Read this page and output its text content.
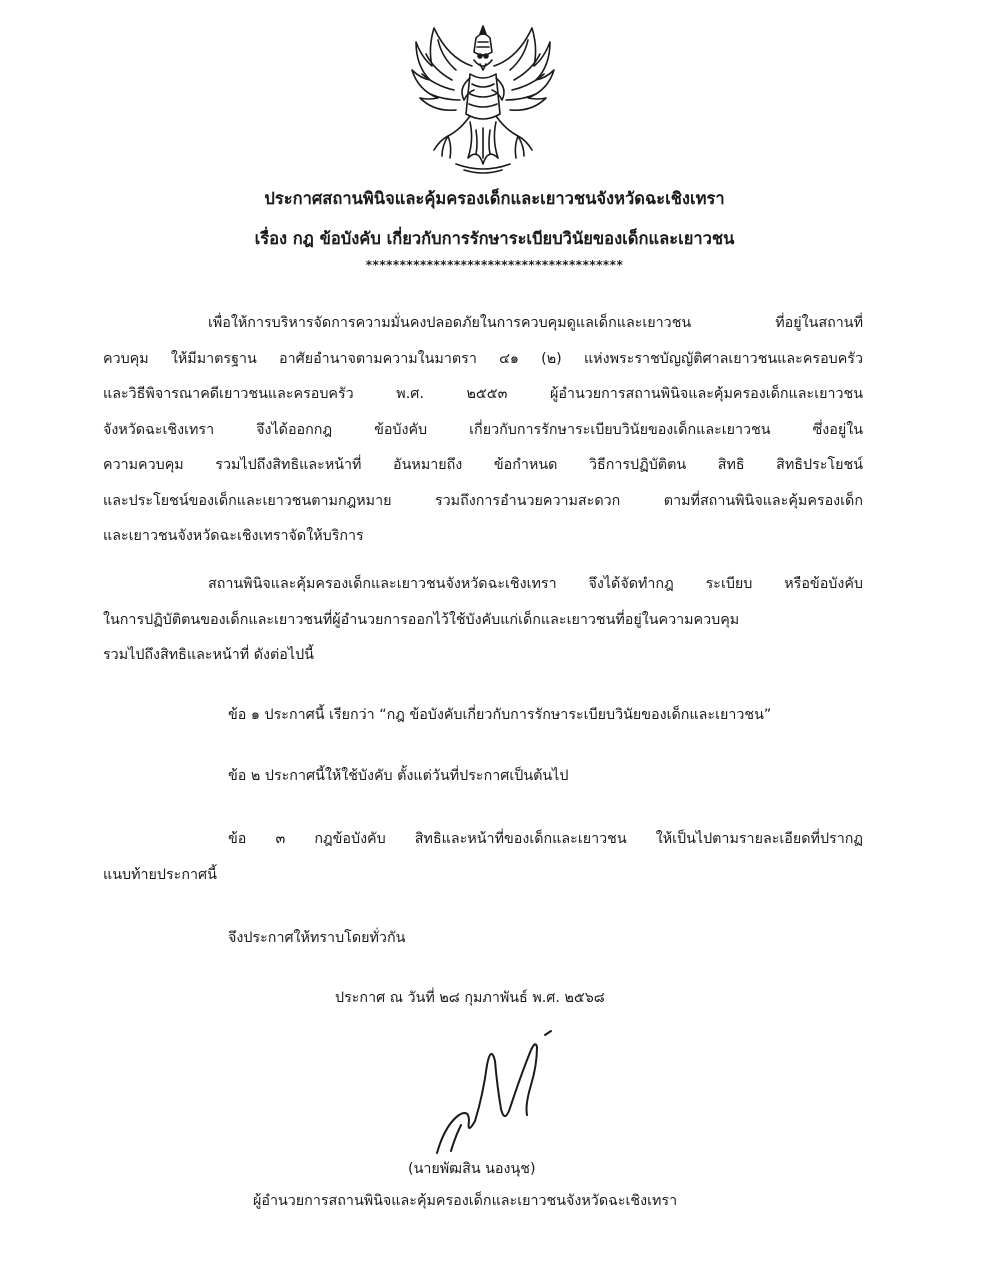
ประกาศสถานพินิจและคุ้มครองเด็กและเยาวชนจังหวัดฉะเชิงเทรา
เรื่อง กฎ ข้อบังคับ เกี่ยวกับการรักษาระเบียบวินัยของเด็กและเยาวชน
**************************************
เพื่อให้การบริหารจัดการความมั่นคงปลอดภัยในการควบคุมดูแลเด็กและเยาวชน ที่อยู่ในสถานที่
ควบคุม ให้มีมาตรฐาน อาศัยอำนาจตามความในมาตรา ๔๑ (๒) แห่งพระราชบัญญัติศาลเยาวชนและครอบครัว
และวิธีพิจารณาคดีเยาวชนและครอบครัว พ.ศ. ๒๕๕๓ ผู้อำนวยการสถานพินิจและคุ้มครองเด็กและเยาวชน
จังหวัดฉะเชิงเทรา จึงได้ออกกฎ ข้อบังคับ เกี่ยวกับการรักษาระเบียบวินัยของเด็กและเยาวชน ซึ่งอยู่ใน
ความควบคุม รวมไปถึงสิทธิและหน้าที่ อันหมายถึง ข้อกำหนด วิธีการปฏิบัติตน สิทธิ สิทธิประโยชน์
และประโยชน์ของเด็กและเยาวชนตามกฎหมาย รวมถึงการอำนวยความสะดวก ตามที่สถานพินิจและคุ้มครองเด็ก
และเยาวชนจังหวัดฉะเชิงเทราจัดให้บริการ
สถานพินิจและคุ้มครองเด็กและเยาวชนจังหวัดฉะเชิงเทรา จึงได้จัดทำกฎ ระเบียบ หรือข้อบังคับ
ในการปฏิบัติตนของเด็กและเยาวชนที่ผู้อำนวยการออกไว้ใช้บังคับแก่เด็กและเยาวชนที่อยู่ในความควบคุม
รวมไปถึงสิทธิและหน้าที่ ดังต่อไปนี้
ข้อ ๑ ประกาศนี้ เรียกว่า “กฎ ข้อบังคับเกี่ยวกับการรักษาระเบียบวินัยของเด็กและเยาวชน”
ข้อ ๒ ประกาศนี้ให้ใช้บังคับ ตั้งแต่วันที่ประกาศเป็นต้นไป
ข้อ ๓ กฎข้อบังคับ สิทธิและหน้าที่ของเด็กและเยาวชน ให้เป็นไปตามรายละเอียดที่ปรากฏ
แนบท้ายประกาศนี้
จึงประกาศให้ทราบโดยทั่วกัน
ประกาศ ณ วันที่ ๒๘ กุมภาพันธ์ พ.ศ. ๒๕๖๘
(นายพัฒสิน นองนุช)
ผู้อำนวยการสถานพินิจและคุ้มครองเด็กและเยาวชนจังหวัดฉะเชิงเทรา
